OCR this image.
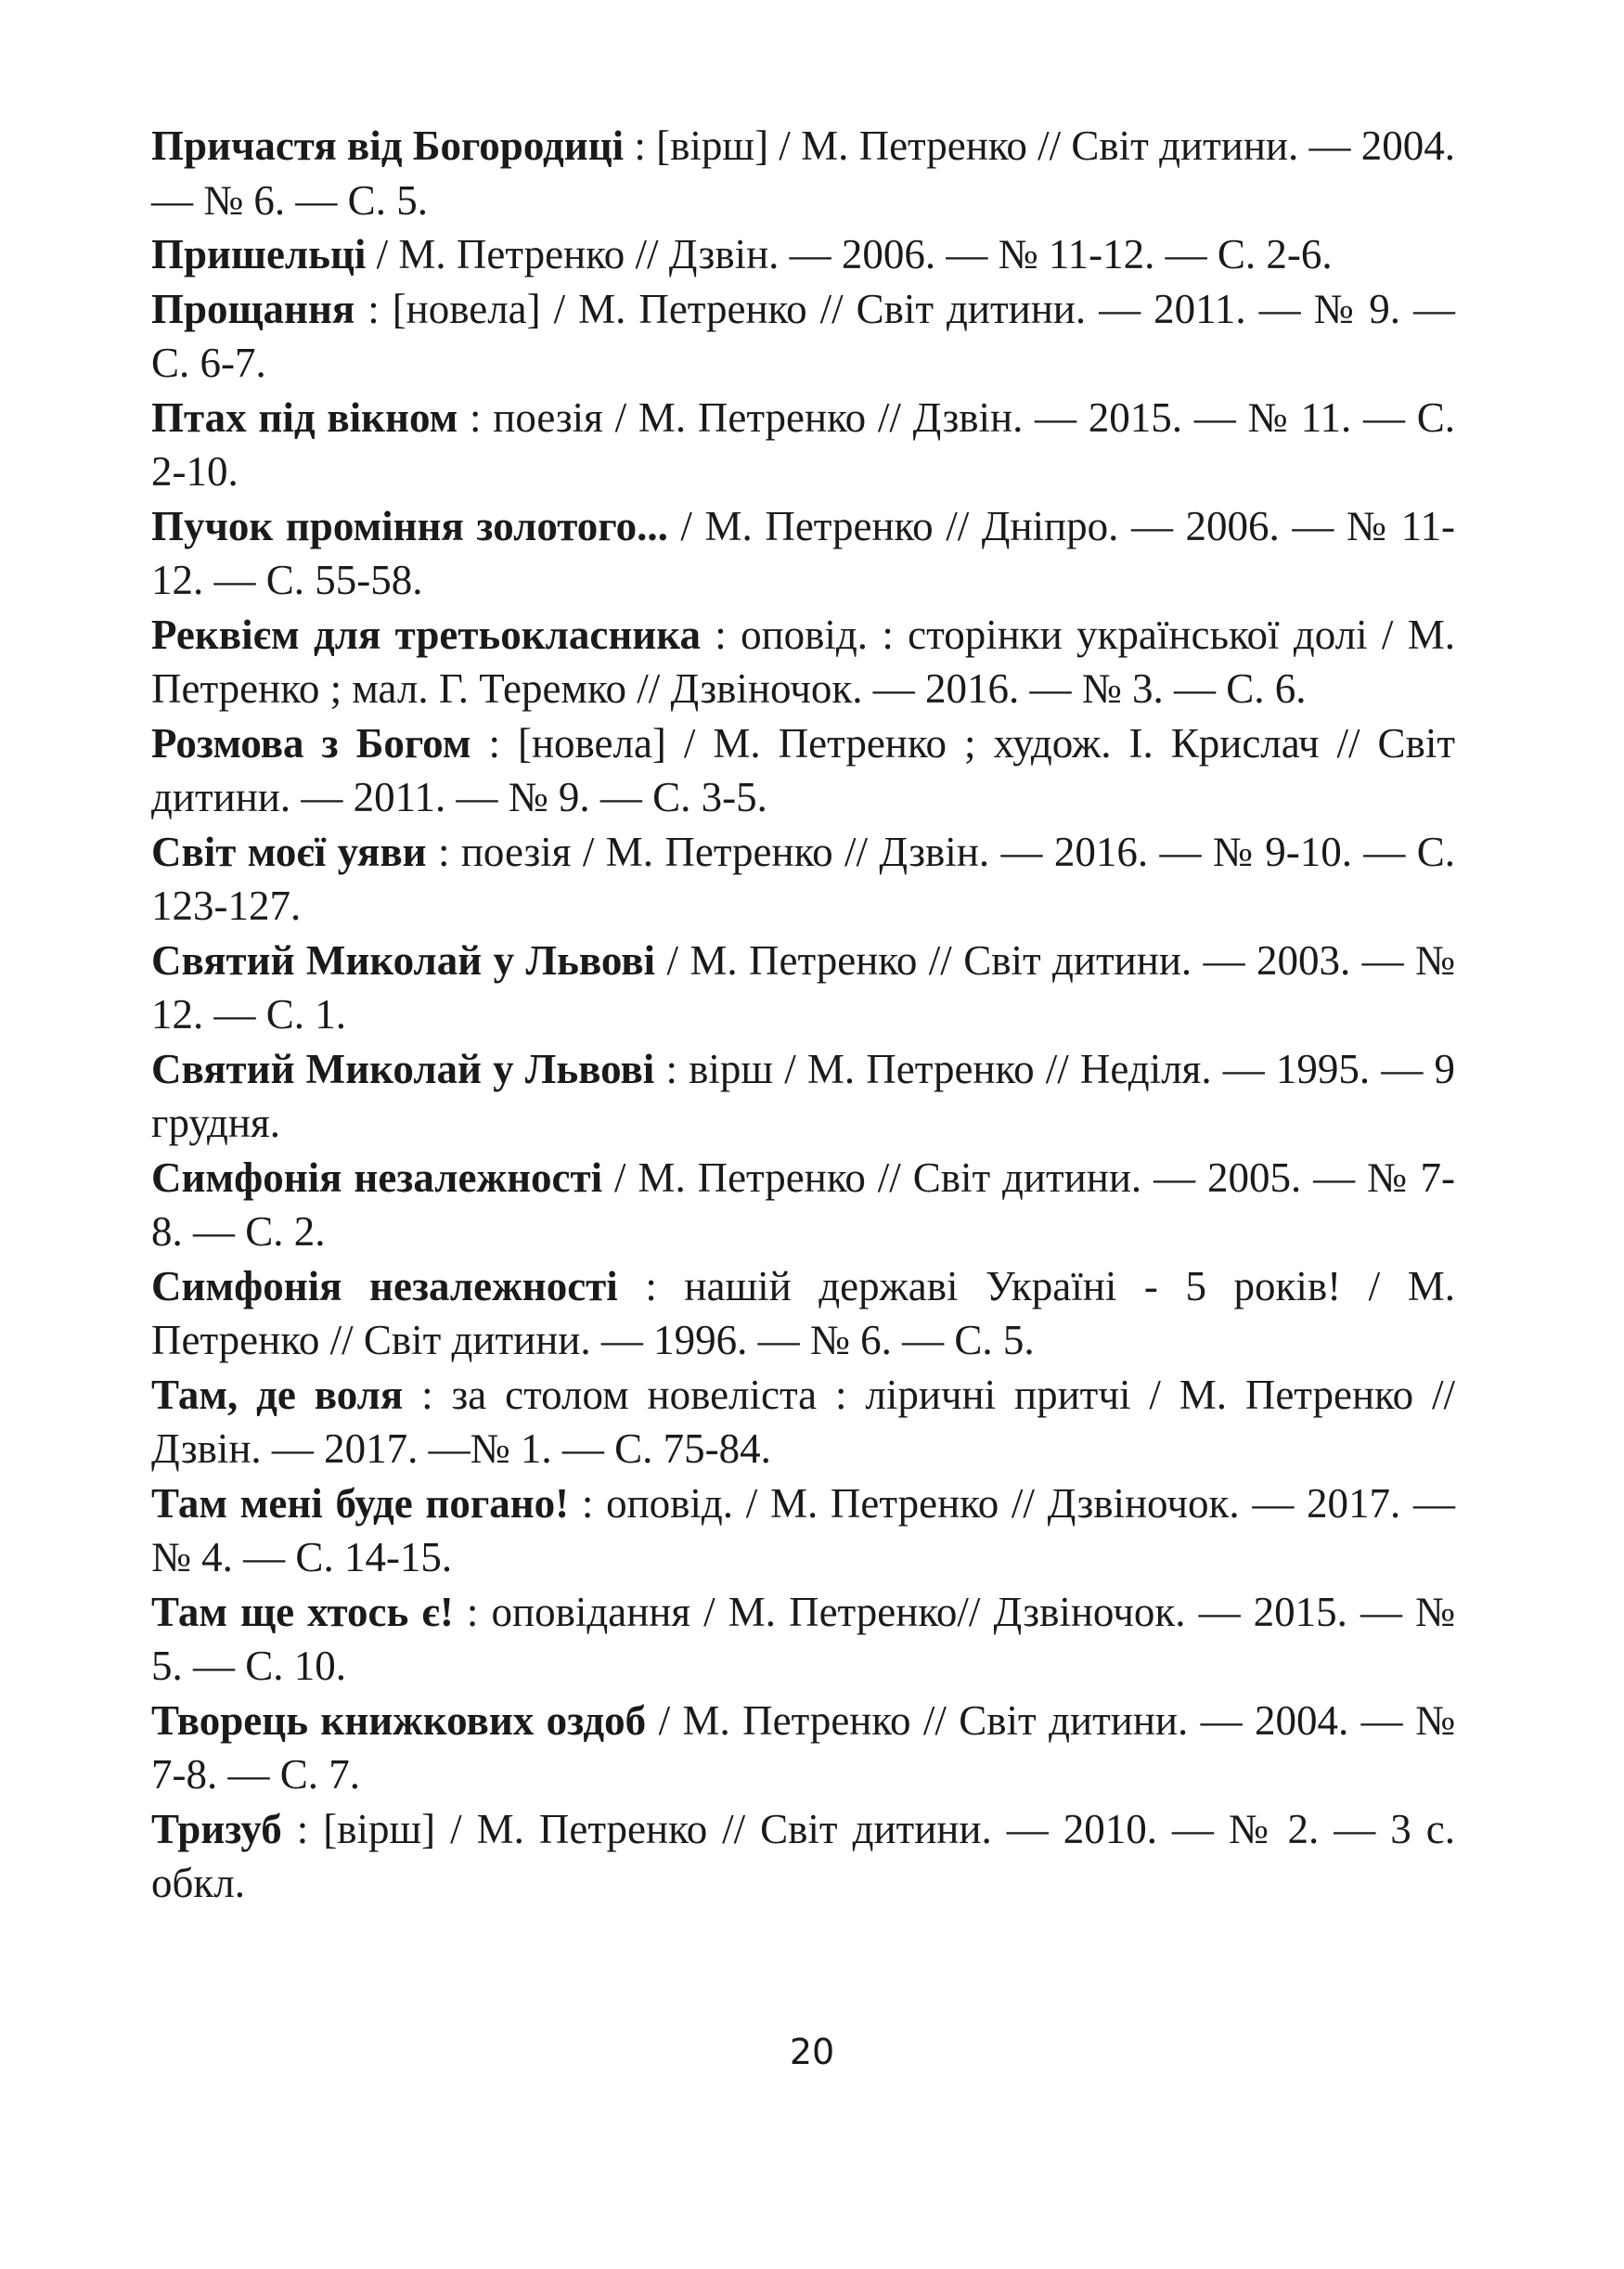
Причастя від Богородиці : [вірш] / М. Петренко // Світ дитини. — 2004. — № 6. — С. 5.

Пришельці / М. Петренко // Дзвін. — 2006. — № 11-12. — С. 2-6.

Прощання : [новела] / М. Петренко // Світ дитини. — 2011. — № 9. — С. 6-7.

Птах під вікном : поезія / М. Петренко // Дзвін. — 2015. — № 11. — С. 2-10.

Пучок проміння золотого... / М. Петренко // Дніпро. — 2006. — № 11-12. — С. 55-58.

Реквієм для третьокласника : оповід. : сторінки української долі / М. Петренко ; мал. Г. Теремко // Дзвіночок. — 2016. — № 3. — С. 6.

Розмова з Богом : [новела] / М. Петренко ; худож. І. Крислач // Світ дитини. — 2011. — № 9. — С. 3-5.

Світ моєї уяви : поезія / М. Петренко // Дзвін. — 2016. — № 9-10. — С. 123-127.

Святий Миколай у Львові / М. Петренко // Світ дитини. — 2003. — № 12. — С. 1.

Святий Миколай у Львові : вірш / М. Петренко // Неділя. — 1995. — 9 грудня.

Симфонія незалежності / М. Петренко // Світ дитини. — 2005. — № 7-8. — С. 2.

Симфонія незалежності : нашій державі Україні - 5 років! / М. Петренко // Світ дитини. — 1996. — № 6. — С. 5.

Там, де воля : за столом новеліста : ліричні притчі / М. Петренко // Дзвін. — 2017. —№ 1. — С. 75-84.

Там мені буде погано! : оповід. / М. Петренко // Дзвіночок. — 2017. — № 4. — С. 14-15.

Там ще хтось є! : оповідання / М. Петренко// Дзвіночок. — 2015. — № 5. — С. 10.

Творець книжкових оздоб / М. Петренко // Світ дитини. — 2004. — № 7-8. — С. 7.

Тризуб : [вірш] / М. Петренко // Світ дитини. — 2010. — № 2. — 3 с. обкл.

20
